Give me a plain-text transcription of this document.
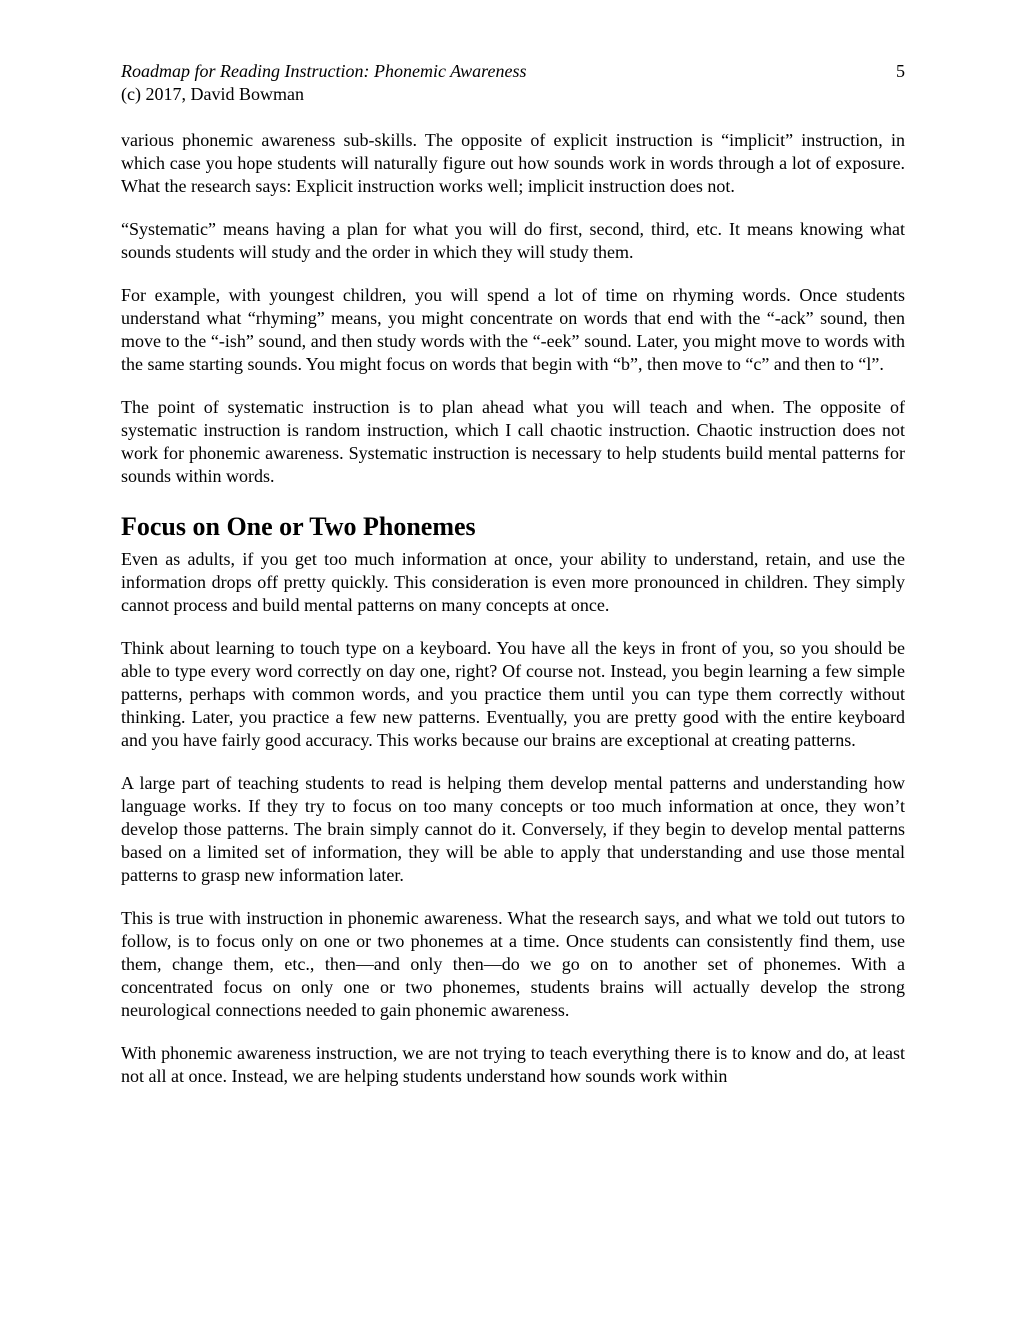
Roadmap for Reading Instruction: Phonemic Awareness	5
(c) 2017, David Bowman

various phonemic awareness sub-skills. The opposite of explicit instruction is “implicit” instruction, in which case you hope students will naturally figure out how sounds work in words through a lot of exposure. What the research says: Explicit instruction works well; implicit instruction does not.

“Systematic” means having a plan for what you will do first, second, third, etc. It means knowing what sounds students will study and the order in which they will study them.

For example, with youngest children, you will spend a lot of time on rhyming words. Once students understand what “rhyming” means, you might concentrate on words that end with the “-ack” sound, then move to the “-ish” sound, and then study words with the “-eek” sound. Later, you might move to words with the same starting sounds. You might focus on words that begin with “b”, then move to “c” and then to “l”.

The point of systematic instruction is to plan ahead what you will teach and when. The opposite of systematic instruction is random instruction, which I call chaotic instruction. Chaotic instruction does not work for phonemic awareness. Systematic instruction is necessary to help students build mental patterns for sounds within words.

Focus on One or Two Phonemes

Even as adults, if you get too much information at once, your ability to understand, retain, and use the information drops off pretty quickly. This consideration is even more pronounced in children. They simply cannot process and build mental patterns on many concepts at once.

Think about learning to touch type on a keyboard. You have all the keys in front of you, so you should be able to type every word correctly on day one, right? Of course not. Instead, you begin learning a few simple patterns, perhaps with common words, and you practice them until you can type them correctly without thinking. Later, you practice a few new patterns. Eventually, you are pretty good with the entire keyboard and you have fairly good accuracy. This works because our brains are exceptional at creating patterns.

A large part of teaching students to read is helping them develop mental patterns and understanding how language works. If they try to focus on too many concepts or too much information at once, they won’t develop those patterns. The brain simply cannot do it. Conversely, if they begin to develop mental patterns based on a limited set of information, they will be able to apply that understanding and use those mental patterns to grasp new information later.

This is true with instruction in phonemic awareness. What the research says, and what we told out tutors to follow, is to focus only on one or two phonemes at a time. Once students can consistently find them, use them, change them, etc., then—and only then—do we go on to another set of phonemes. With a concentrated focus on only one or two phonemes, students brains will actually develop the strong neurological connections needed to gain phonemic awareness.

With phonemic awareness instruction, we are not trying to teach everything there is to know and do, at least not all at once. Instead, we are helping students understand how sounds work within
